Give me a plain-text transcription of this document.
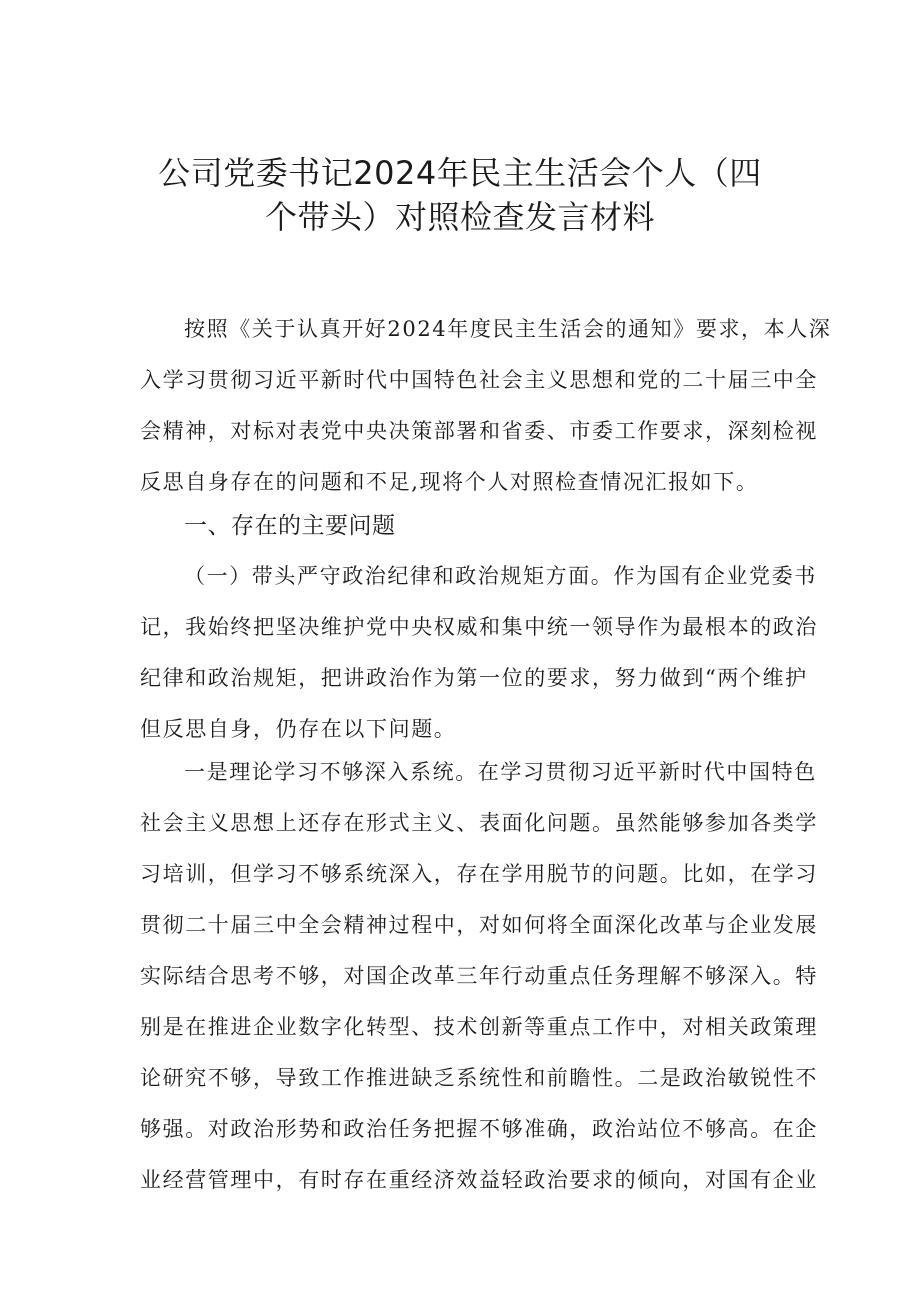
公司党委书记2024年民主生活会个人（四
个带头）对照检查发言材料
按照《关于认真开好2024年度民主生活会的通知》要求，本人深
入学习贯彻习近平新时代中国特色社会主义思想和党的二十届三中全
会精神，对标对表党中央决策部署和省委、市委工作要求，深刻检视
反思自身存在的问题和不足,现将个人对照检查情况汇报如下。
一、存在的主要问题
（一）带头严守政治纪律和政治规矩方面。作为国有企业党委书
记，我始终把坚决维护党中央权威和集中统一领导作为最根本的政治
纪律和政治规矩，把讲政治作为第一位的要求，努力做到“两个维护
但反思自身，仍存在以下问题。
一是理论学习不够深入系统。在学习贯彻习近平新时代中国特色
社会主义思想上还存在形式主义、表面化问题。虽然能够参加各类学
习培训，但学习不够系统深入，存在学用脱节的问题。比如，在学习
贯彻二十届三中全会精神过程中，对如何将全面深化改革与企业发展
实际结合思考不够，对国企改革三年行动重点任务理解不够深入。特
别是在推进企业数字化转型、技术创新等重点工作中，对相关政策理
论研究不够，导致工作推进缺乏系统性和前瞻性。二是政治敏锐性不
够强。对政治形势和政治任务把握不够准确，政治站位不够高。在企
业经营管理中，有时存在重经济效益轻政治要求的倾向，对国有企业
